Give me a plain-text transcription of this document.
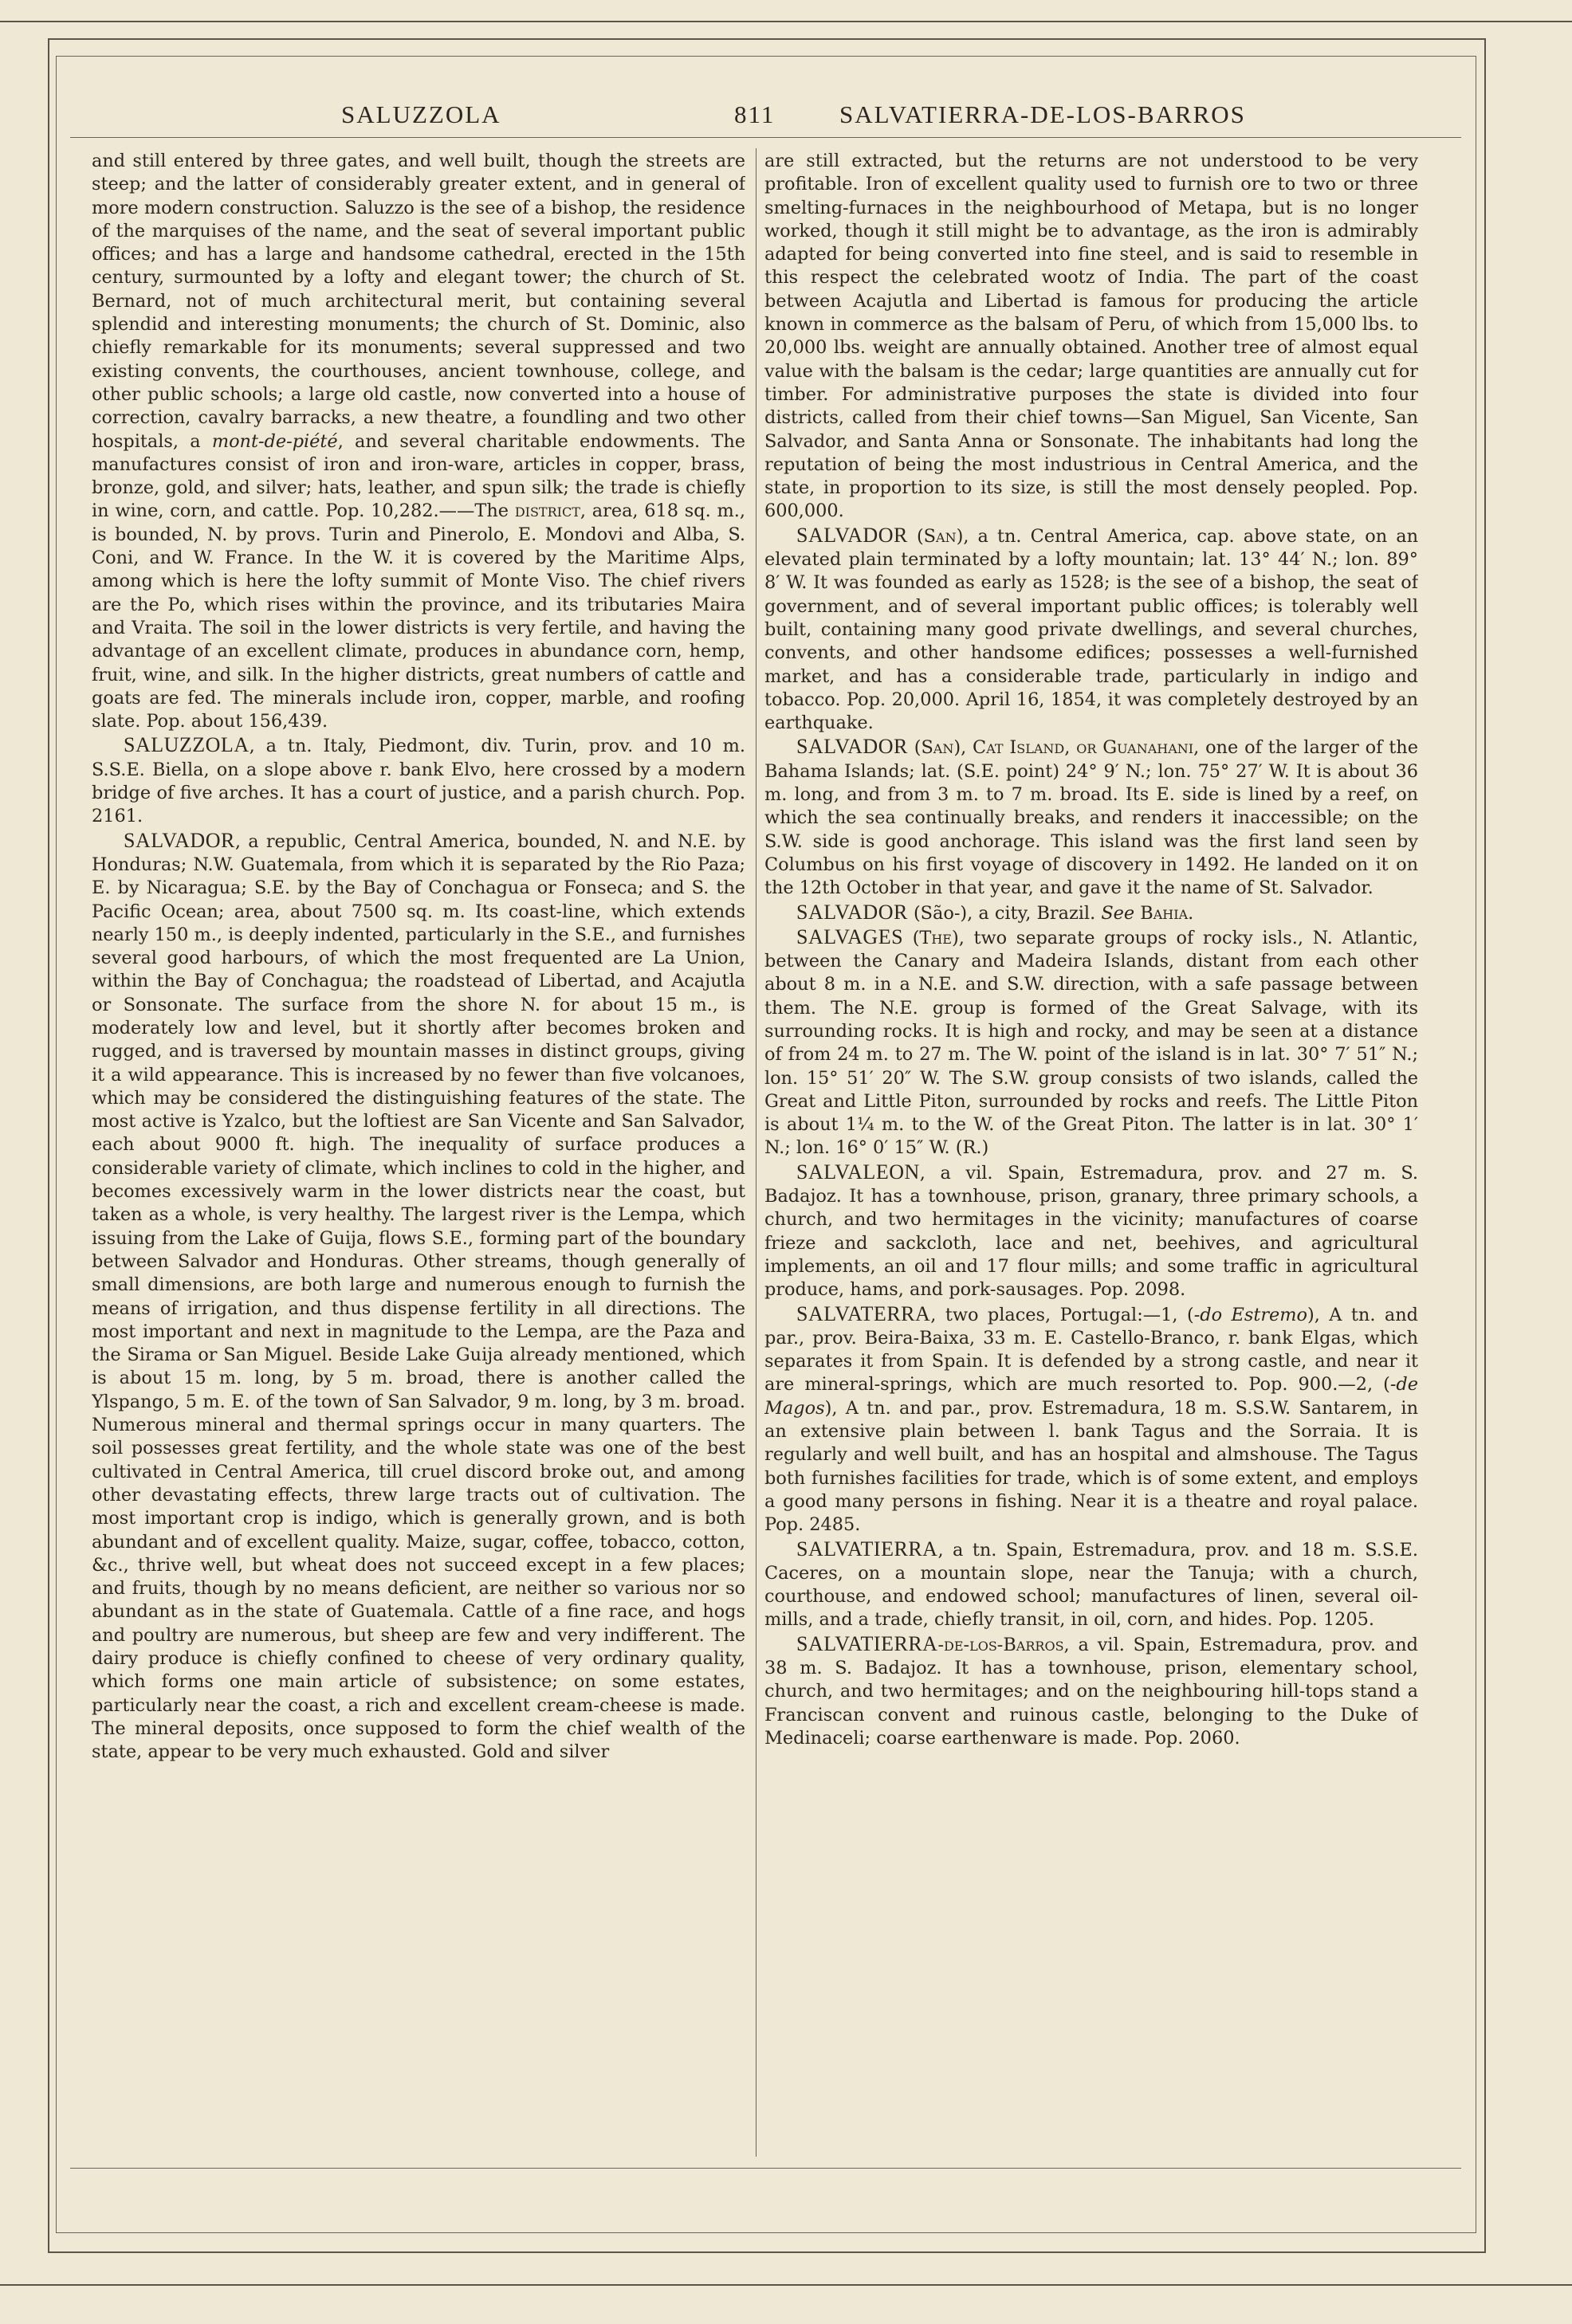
SALUZZOLA	811	SALVATIERRA-DE-LOS-BARROS

and still entered by three gates, and well built, though the streets are steep; and the latter of considerably greater extent, and in general of more modern construction. Saluzzo is the see of a bishop, the residence of the marquises of the name, and the seat of several important public offices; and has a large and handsome cathedral, erected in the 15th century, surmounted by a lofty and elegant tower; the church of St. Bernard, not of much architectural merit, but containing several splendid and interesting monuments; the church of St. Dominic, also chiefly remarkable for its monuments; several suppressed and two existing convents, the courthouses, ancient townhouse, college, and other public schools; a large old castle, now converted into a house of correction, cavalry barracks, a new theatre, a foundling and two other hospitals, a mont-de-piété, and several charitable endowments. The manufactures consist of iron and iron-ware, articles in copper, brass, bronze, gold, and silver; hats, leather, and spun silk; the trade is chiefly in wine, corn, and cattle. Pop. 10,282.——The district, area, 618 sq. m., is bounded, N. by provs. Turin and Pinerolo, E. Mondovi and Alba, S. Coni, and W. France. In the W. it is covered by the Maritime Alps, among which is here the lofty summit of Monte Viso. The chief rivers are the Po, which rises within the province, and its tributaries Maira and Vraita. The soil in the lower districts is very fertile, and having the advantage of an excellent climate, produces in abundance corn, hemp, fruit, wine, and silk. In the higher districts, great numbers of cattle and goats are fed. The minerals include iron, copper, marble, and roofing slate. Pop. about 156,439.

SALUZZOLA, a tn. Italy, Piedmont, div. Turin, prov. and 10 m. S.S.E. Biella, on a slope above r. bank Elvo, here crossed by a modern bridge of five arches. It has a court of justice, and a parish church. Pop. 2161.

SALVADOR, a republic, Central America, bounded, N. and N.E. by Honduras; N.W. Guatemala, from which it is separated by the Rio Paza; E. by Nicaragua; S.E. by the Bay of Conchagua or Fonseca; and S. the Pacific Ocean; area, about 7500 sq. m. Its coast-line, which extends nearly 150 m., is deeply indented, particularly in the S.E., and furnishes several good harbours, of which the most frequented are La Union, within the Bay of Conchagua; the roadstead of Libertad, and Acajutla or Sonsonate. The surface from the shore N. for about 15 m., is moderately low and level, but it shortly after becomes broken and rugged, and is traversed by mountain masses in distinct groups, giving it a wild appearance. This is increased by no fewer than five volcanoes, which may be considered the distinguishing features of the state. The most active is Yzalco, but the loftiest are San Vicente and San Salvador, each about 9000 ft. high. The inequality of surface produces a considerable variety of climate, which inclines to cold in the higher, and becomes excessively warm in the lower districts near the coast, but taken as a whole, is very healthy. The largest river is the Lempa, which issuing from the Lake of Guija, flows S.E., forming part of the boundary between Salvador and Honduras. Other streams, though generally of small dimensions, are both large and numerous enough to furnish the means of irrigation, and thus dispense fertility in all directions. The most important and next in magnitude to the Lempa, are the Paza and the Sirama or San Miguel. Beside Lake Guija already mentioned, which is about 15 m. long, by 5 m. broad, there is another called the Ylspango, 5 m. E. of the town of San Salvador, 9 m. long, by 3 m. broad. Numerous mineral and thermal springs occur in many quarters. The soil possesses great fertility, and the whole state was one of the best cultivated in Central America, till cruel discord broke out, and among other devastating effects, threw large tracts out of cultivation. The most important crop is indigo, which is generally grown, and is both abundant and of excellent quality. Maize, sugar, coffee, tobacco, cotton, &c., thrive well, but wheat does not succeed except in a few places; and fruits, though by no means deficient, are neither so various nor so abundant as in the state of Guatemala. Cattle of a fine race, and hogs and poultry are numerous, but sheep are few and very indifferent. The dairy produce is chiefly confined to cheese of very ordinary quality, which forms one main article of subsistence; on some estates, particularly near the coast, a rich and excellent cream-cheese is made. The mineral deposits, once supposed to form the chief wealth of the state, appear to be very much exhausted. Gold and silver

are still extracted, but the returns are not understood to be very profitable. Iron of excellent quality used to furnish ore to two or three smelting-furnaces in the neighbourhood of Metapa, but is no longer worked, though it still might be to advantage, as the iron is admirably adapted for being converted into fine steel, and is said to resemble in this respect the celebrated wootz of India. The part of the coast between Acajutla and Libertad is famous for producing the article known in commerce as the balsam of Peru, of which from 15,000 lbs. to 20,000 lbs. weight are annually obtained. Another tree of almost equal value with the balsam is the cedar; large quantities are annually cut for timber. For administrative purposes the state is divided into four districts, called from their chief towns—San Miguel, San Vicente, San Salvador, and Santa Anna or Sonsonate. The inhabitants had long the reputation of being the most industrious in Central America, and the state, in proportion to its size, is still the most densely peopled. Pop. 600,000.

SALVADOR (San), a tn. Central America, cap. above state, on an elevated plain terminated by a lofty mountain; lat. 13° 44′ N.; lon. 89° 8′ W. It was founded as early as 1528; is the see of a bishop, the seat of government, and of several important public offices; is tolerably well built, containing many good private dwellings, and several churches, convents, and other handsome edifices; possesses a well-furnished market, and has a considerable trade, particularly in indigo and tobacco. Pop. 20,000. April 16, 1854, it was completely destroyed by an earthquake.

SALVADOR (San), Cat Island, or Guanahani, one of the larger of the Bahama Islands; lat. (S.E. point) 24° 9′ N.; lon. 75° 27′ W. It is about 36 m. long, and from 3 m. to 7 m. broad. Its E. side is lined by a reef, on which the sea continually breaks, and renders it inaccessible; on the S.W. side is good anchorage. This island was the first land seen by Columbus on his first voyage of discovery in 1492. He landed on it on the 12th October in that year, and gave it the name of St. Salvador.

SALVADOR (São-), a city, Brazil. See Bahia.

SALVAGES (The), two separate groups of rocky isls., N. Atlantic, between the Canary and Madeira Islands, distant from each other about 8 m. in a N.E. and S.W. direction, with a safe passage between them. The N.E. group is formed of the Great Salvage, with its surrounding rocks. It is high and rocky, and may be seen at a distance of from 24 m. to 27 m. The W. point of the island is in lat. 30° 7′ 51″ N.; lon. 15° 51′ 20″ W. The S.W. group consists of two islands, called the Great and Little Piton, surrounded by rocks and reefs. The Little Piton is about 1¼ m. to the W. of the Great Piton. The latter is in lat. 30° 1′ N.; lon. 16° 0′ 15″ W. (R.)

SALVALEON, a vil. Spain, Estremadura, prov. and 27 m. S. Badajoz. It has a townhouse, prison, granary, three primary schools, a church, and two hermitages in the vicinity; manufactures of coarse frieze and sackcloth, lace and net, beehives, and agricultural implements, an oil and 17 flour mills; and some traffic in agricultural produce, hams, and pork-sausages. Pop. 2098.

SALVATERRA, two places, Portugal:—1, (-do Estremo), A tn. and par., prov. Beira-Baixa, 33 m. E. Castello-Branco, r. bank Elgas, which separates it from Spain. It is defended by a strong castle, and near it are mineral-springs, which are much resorted to. Pop. 900.—2, (-de Magos), A tn. and par., prov. Estremadura, 18 m. S.S.W. Santarem, in an extensive plain between l. bank Tagus and the Sorraia. It is regularly and well built, and has an hospital and almshouse. The Tagus both furnishes facilities for trade, which is of some extent, and employs a good many persons in fishing. Near it is a theatre and royal palace. Pop. 2485.

SALVATIERRA, a tn. Spain, Estremadura, prov. and 18 m. S.S.E. Caceres, on a mountain slope, near the Tanuja; with a church, courthouse, and endowed school; manufactures of linen, several oil-mills, and a trade, chiefly transit, in oil, corn, and hides. Pop. 1205.

SALVATIERRA-de-los-Barros, a vil. Spain, Estremadura, prov. and 38 m. S. Badajoz. It has a townhouse, prison, elementary school, church, and two hermitages; and on the neighbouring hill-tops stand a Franciscan convent and ruinous castle, belonging to the Duke of Medinaceli; coarse earthenware is made. Pop. 2060.
